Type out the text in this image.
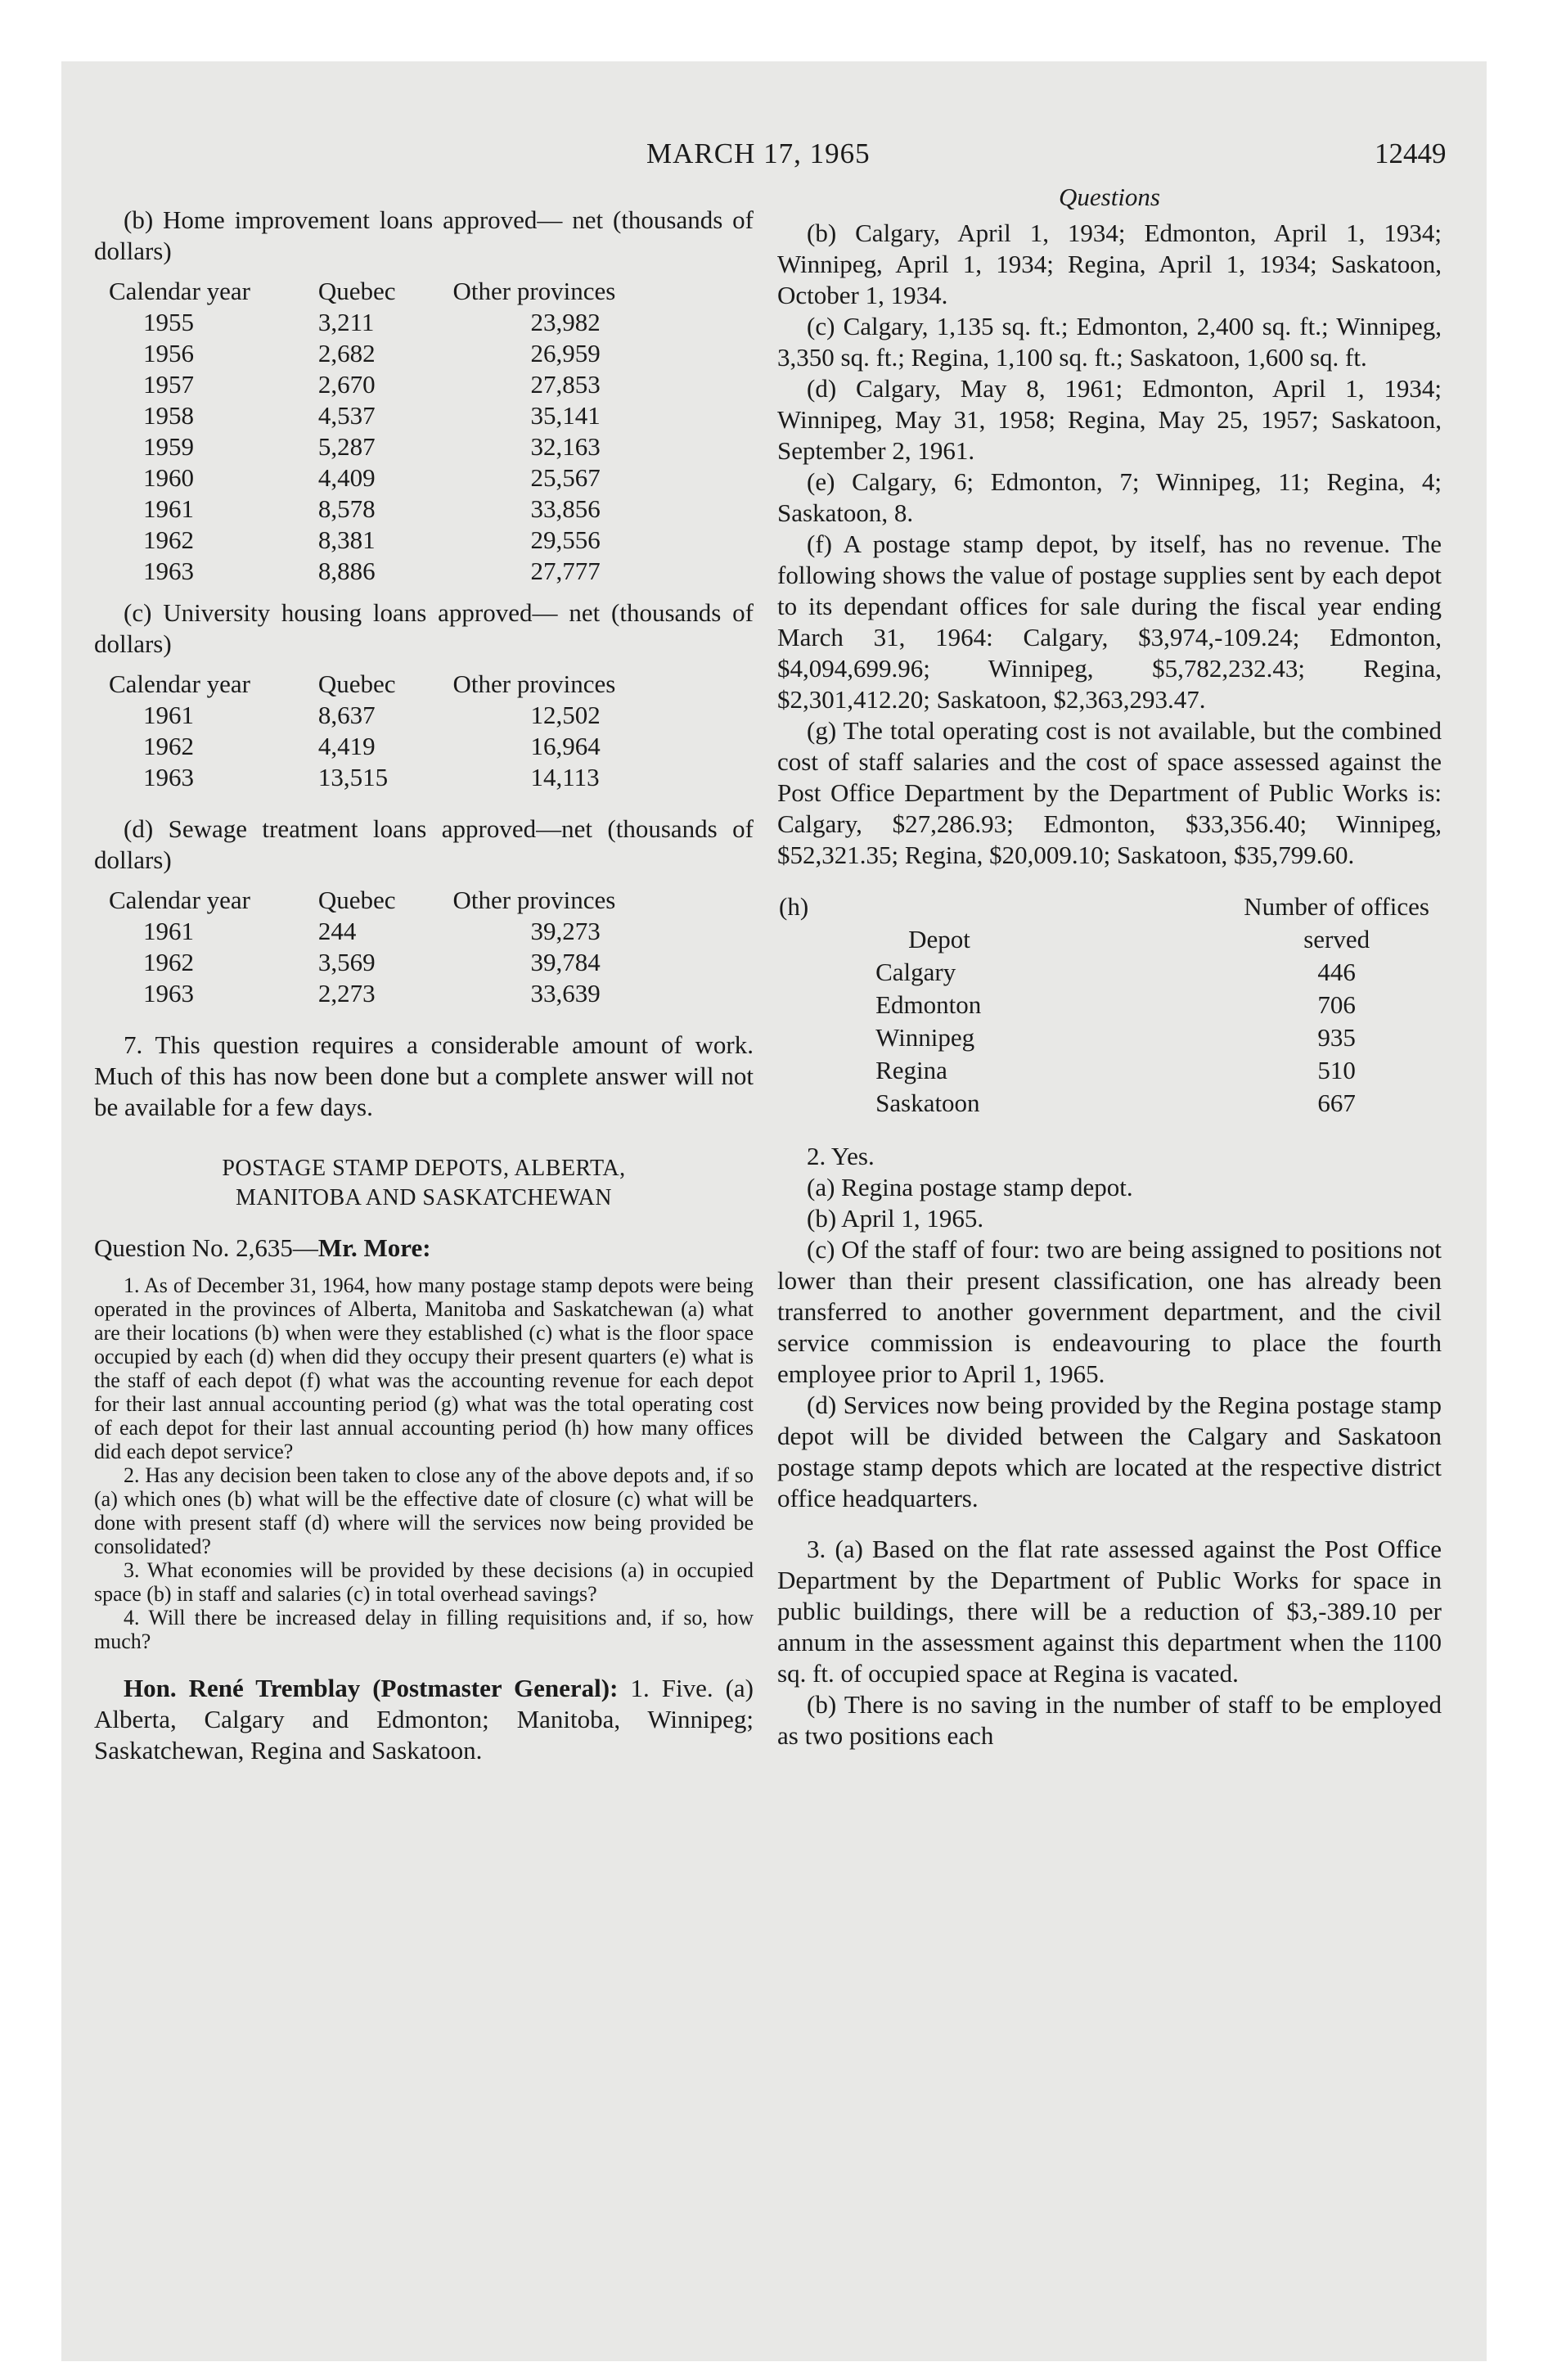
MARCH 17, 1965	12449

(b) Home improvement loans approved— net (thousands of dollars)

Calendar year	Quebec	Other provinces
1955	3,211	23,982
1956	2,682	26,959
1957	2,670	27,853
1958	4,537	35,141
1959	5,287	32,163
1960	4,409	25,567
1961	8,578	33,856
1962	8,381	29,556
1963	8,886	27,777

(c) University housing loans approved— net (thousands of dollars)

Calendar year	Quebec	Other provinces
1961	8,637	12,502
1962	4,419	16,964
1963	13,515	14,113

(d) Sewage treatment loans approved—net (thousands of dollars)

Calendar year	Quebec	Other provinces
1961	244	39,273
1962	3,569	39,784
1963	2,273	33,639

7. This question requires a considerable amount of work. Much of this has now been done but a complete answer will not be available for a few days.

POSTAGE STAMP DEPOTS, ALBERTA,
MANITOBA AND SASKATCHEWAN

Question No. 2,635—Mr. More:

1. As of December 31, 1964, how many postage stamp depots were being operated in the provinces of Alberta, Manitoba and Saskatchewan (a) what are their locations (b) when were they established (c) what is the floor space occupied by each (d) when did they occupy their present quarters (e) what is the staff of each depot (f) what was the accounting revenue for each depot for their last annual accounting period (g) what was the total operating cost of each depot for their last annual accounting period (h) how many offices did each depot service?

2. Has any decision been taken to close any of the above depots and, if so (a) which ones (b) what will be the effective date of closure (c) what will be done with present staff (d) where will the services now being provided be consolidated?

3. What economies will be provided by these decisions (a) in occupied space (b) in staff and salaries (c) in total overhead savings?

4. Will there be increased delay in filling requisitions and, if so, how much?

Hon. René Tremblay (Postmaster General): 1. Five. (a) Alberta, Calgary and Edmonton; Manitoba, Winnipeg; Saskatchewan, Regina and Saskatoon.

Questions

(b) Calgary, April 1, 1934; Edmonton, April 1, 1934; Winnipeg, April 1, 1934; Regina, April 1, 1934; Saskatoon, October 1, 1934.

(c) Calgary, 1,135 sq. ft.; Edmonton, 2,400 sq. ft.; Winnipeg, 3,350 sq. ft.; Regina, 1,100 sq. ft.; Saskatoon, 1,600 sq. ft.

(d) Calgary, May 8, 1961; Edmonton, April 1, 1934; Winnipeg, May 31, 1958; Regina, May 25, 1957; Saskatoon, September 2, 1961.

(e) Calgary, 6; Edmonton, 7; Winnipeg, 11; Regina, 4; Saskatoon, 8.

(f) A postage stamp depot, by itself, has no revenue. The following shows the value of postage supplies sent by each depot to its dependant offices for sale during the fiscal year ending March 31, 1964: Calgary, $3,974,-109.24; Edmonton, $4,094,699.96; Winnipeg, $5,782,232.43; Regina, $2,301,412.20; Saskatoon, $2,363,293.47.

(g) The total operating cost is not available, but the combined cost of staff salaries and the cost of space assessed against the Post Office Department by the Department of Public Works is: Calgary, $27,286.93; Edmonton, $33,356.40; Winnipeg, $52,321.35; Regina, $20,009.10; Saskatoon, $35,799.60.

(h)		Number of offices
	Depot	served
	Calgary	446
	Edmonton	706
	Winnipeg	935
	Regina	510
	Saskatoon	667

2. Yes.

(a) Regina postage stamp depot.

(b) April 1, 1965.

(c) Of the staff of four: two are being assigned to positions not lower than their present classification, one has already been transferred to another government department, and the civil service commission is endeavouring to place the fourth employee prior to April 1, 1965.

(d) Services now being provided by the Regina postage stamp depot will be divided between the Calgary and Saskatoon postage stamp depots which are located at the respective district office headquarters.

3. (a) Based on the flat rate assessed against the Post Office Department by the Department of Public Works for space in public buildings, there will be a reduction of $3,-389.10 per annum in the assessment against this department when the 1100 sq. ft. of occupied space at Regina is vacated.

(b) There is no saving in the number of staff to be employed as two positions each
